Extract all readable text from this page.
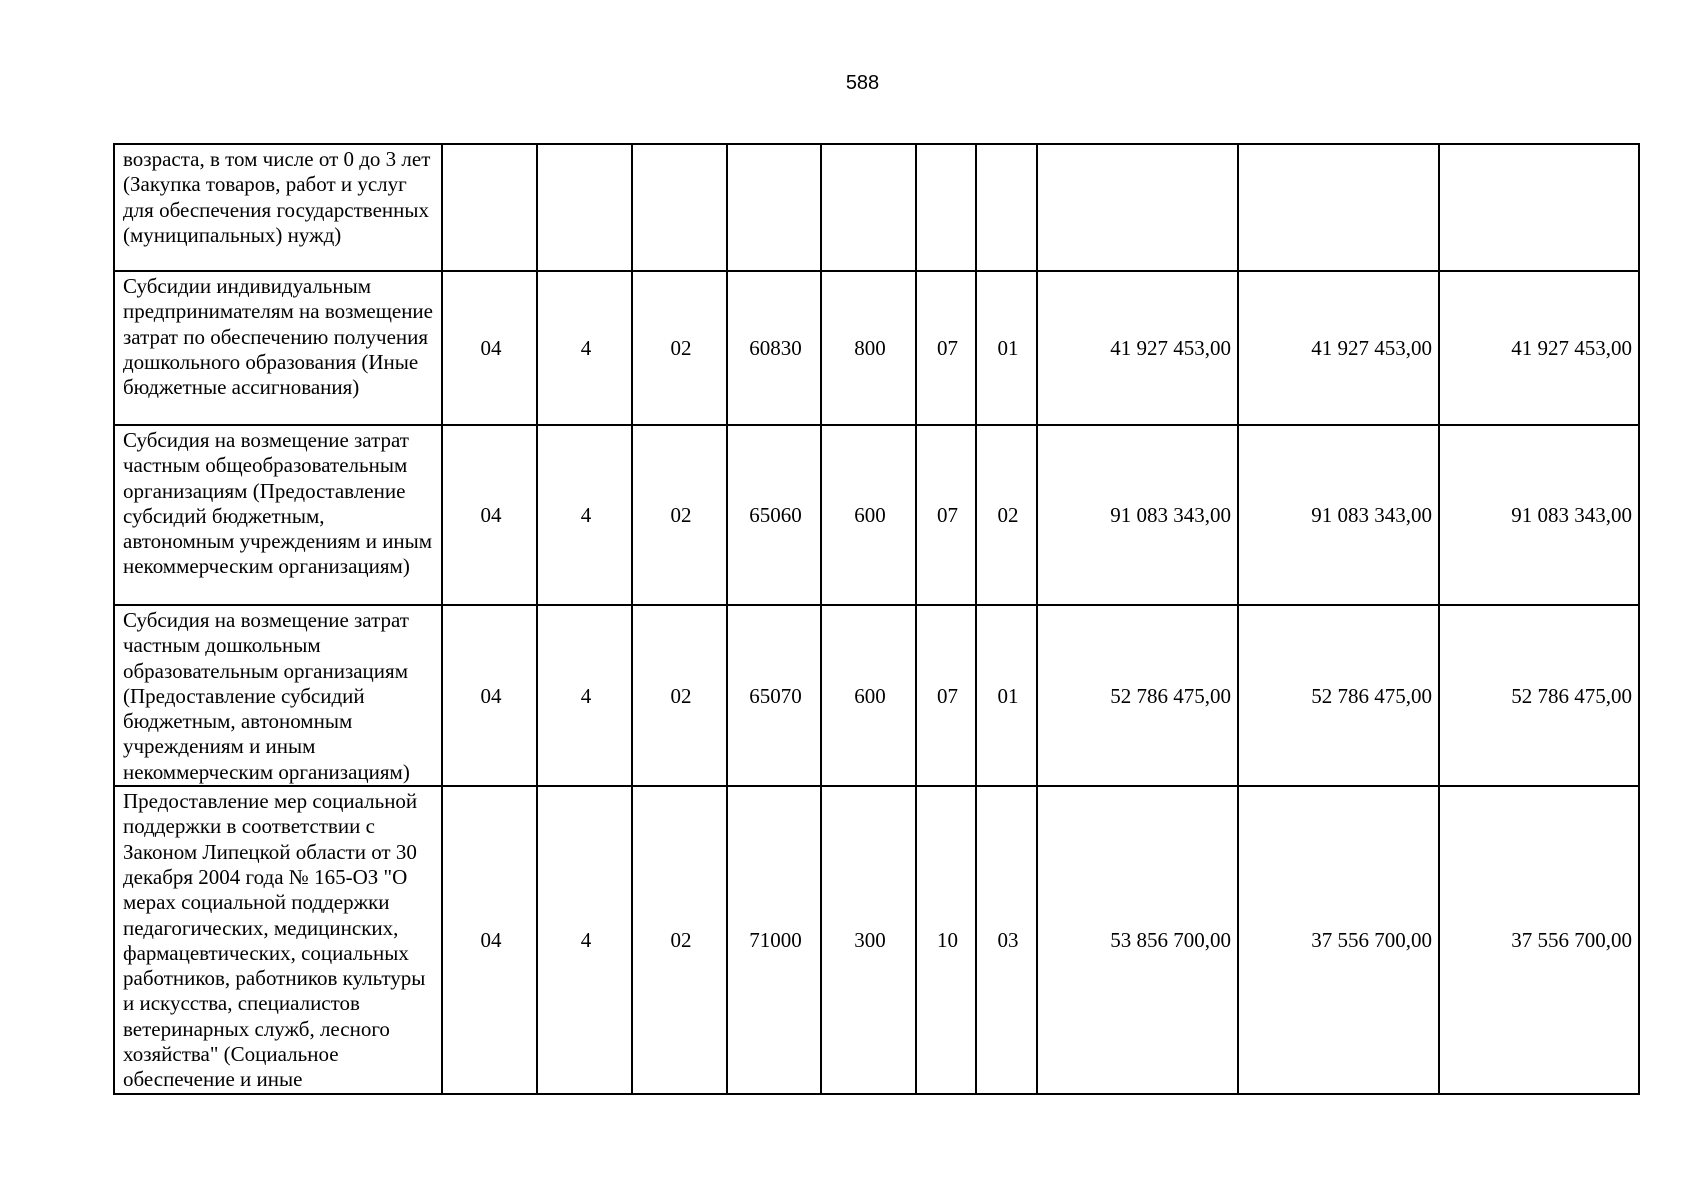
588
возраста, в том числе от 0 до 3 лет (Закупка товаров, работ и услуг для обеспечения государственных (муниципальных) нужд)										
Субсидии индивидуальным предпринимателям на возмещение затрат по обеспечению получения дошкольного образования (Иные бюджетные ассигнования)	04	4	02	60830	800	07	01	41 927 453,00	41 927 453,00	41 927 453,00
Субсидия на возмещение затрат частным общеобразовательным организациям (Предоставление субсидий бюджетным, автономным учреждениям и иным некоммерческим организациям)	04	4	02	65060	600	07	02	91 083 343,00	91 083 343,00	91 083 343,00
Субсидия на возмещение затрат частным дошкольным образовательным организациям (Предоставление субсидий бюджетным, автономным учреждениям и иным некоммерческим организациям)	04	4	02	65070	600	07	01	52 786 475,00	52 786 475,00	52 786 475,00
Предоставление мер социальной поддержки в соответствии с Законом Липецкой области от 30 декабря 2004 года № 165-ОЗ "О мерах социальной поддержки педагогических, медицинских, фармацевтических, социальных работников, работников культуры и искусства, специалистов ветеринарных служб, лесного хозяйства" (Социальное обеспечение и иные	04	4	02	71000	300	10	03	53 856 700,00	37 556 700,00	37 556 700,00
